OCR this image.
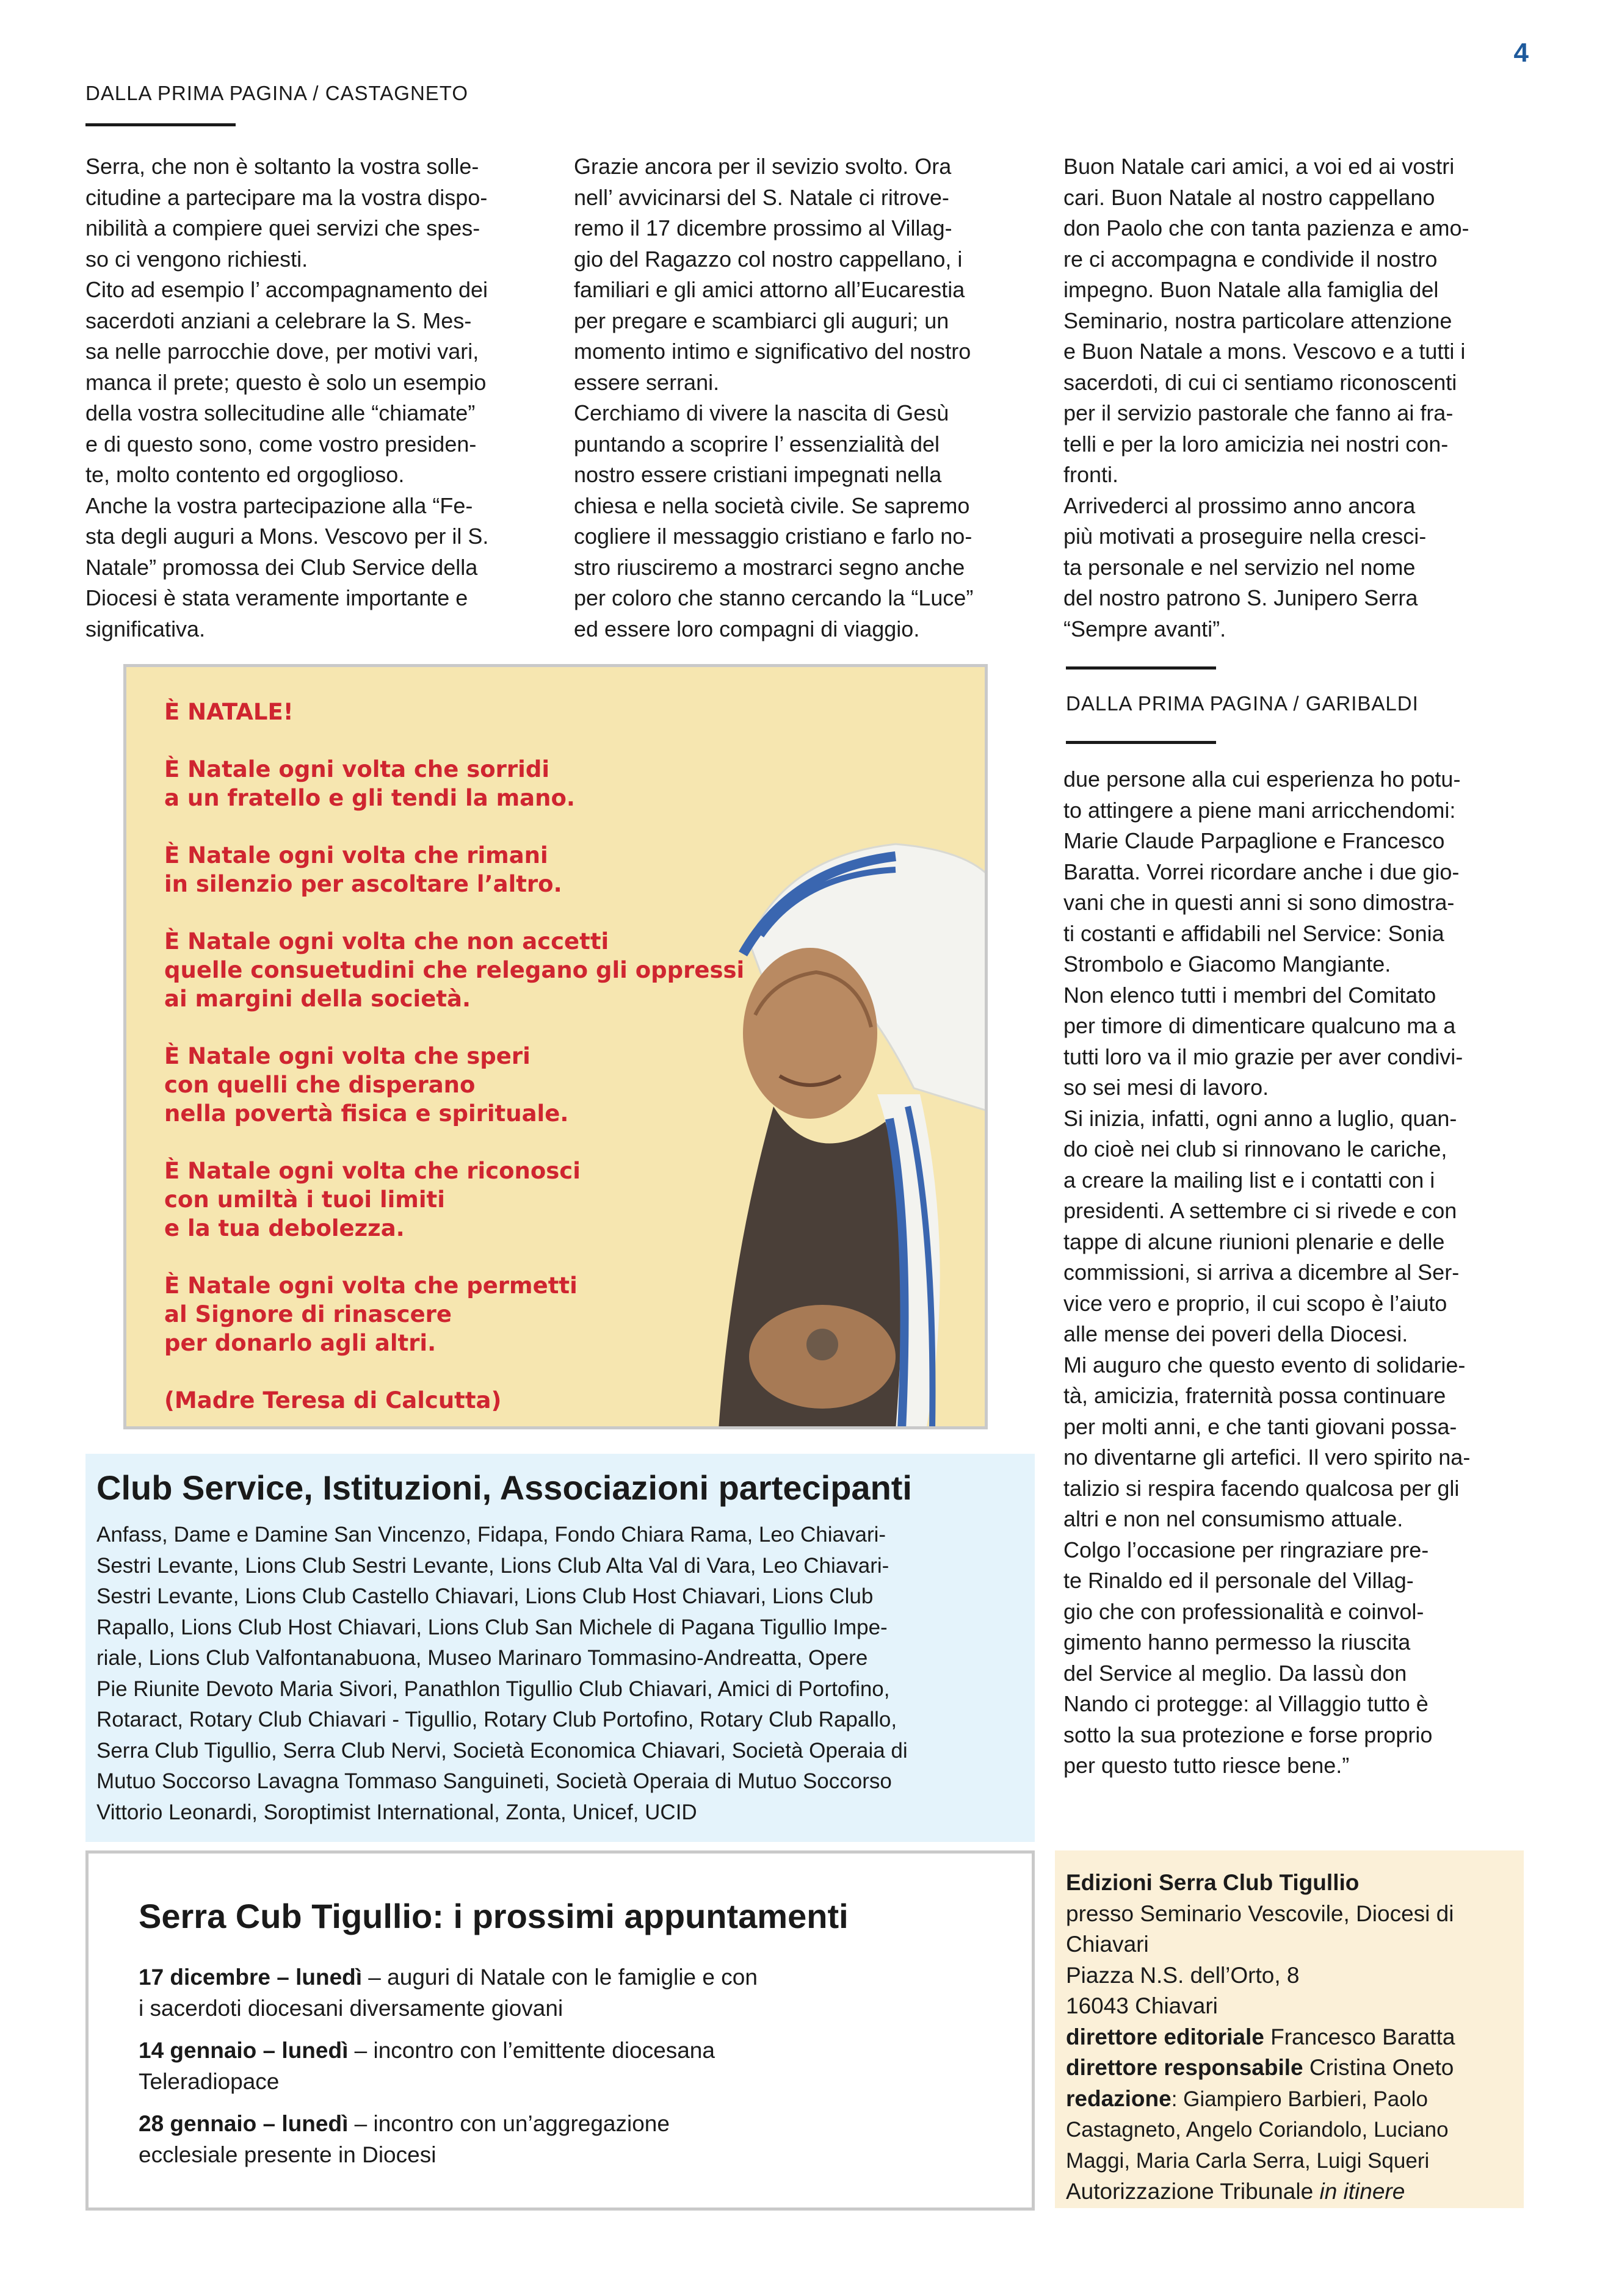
4
DALLA PRIMA PAGINA / CASTAGNETO
Serra, che non è soltanto la vostra solle-
citudine a partecipare ma la vostra dispo-
nibilità a compiere quei servizi che spes-
so ci vengono richiesti.
Cito ad esempio l’ accompagnamento dei
sacerdoti anziani a celebrare la S. Mes-
sa nelle parrocchie dove, per motivi vari,
manca il prete; questo è solo un esempio
della vostra sollecitudine alle “chiamate”
e di questo sono, come vostro presiden-
te, molto contento ed orgoglioso.
Anche la vostra partecipazione alla “Fe-
sta degli auguri a Mons. Vescovo per il S.
Natale” promossa dei Club Service della
Diocesi è stata veramente importante e
significativa.
Grazie ancora per il sevizio svolto. Ora
nell’ avvicinarsi del S. Natale ci ritrove-
remo il 17 dicembre prossimo al Villag-
gio del Ragazzo col nostro cappellano, i
familiari e gli amici attorno all’Eucarestia
per pregare e scambiarci gli auguri; un
momento intimo e significativo del nostro
essere serrani.
Cerchiamo di vivere la nascita di Gesù
puntando a scoprire l’ essenzialità del
nostro essere cristiani impegnati nella
chiesa e nella società civile. Se sapremo
cogliere il messaggio cristiano e farlo no-
stro riusciremo a mostrarci segno anche
per coloro che stanno cercando la “Luce”
ed essere loro compagni di viaggio.
Buon Natale cari amici, a voi ed ai vostri
cari. Buon Natale al nostro cappellano
don Paolo che con tanta pazienza e amo-
re ci accompagna e condivide il nostro
impegno. Buon Natale alla famiglia del
Seminario, nostra particolare attenzione
e Buon Natale a mons. Vescovo e a tutti i
sacerdoti, di cui ci sentiamo riconoscenti
per il servizio pastorale che fanno ai fra-
telli e per la loro amicizia nei nostri con-
fronti.
Arrivederci al prossimo anno ancora
più motivati a proseguire nella cresci-
ta personale e nel servizio nel nome
del nostro patrono S. Junipero Serra
“Sempre avanti”.
DALLA PRIMA PAGINA / GARIBALDI
due persone alla cui esperienza ho potu-
to attingere a piene mani arricchendomi:
Marie Claude Parpaglione e Francesco
Baratta. Vorrei ricordare anche i due gio-
vani che in questi anni si sono dimostra-
ti costanti e affidabili nel Service: Sonia
Strombolo e Giacomo Mangiante.
Non elenco tutti i membri del Comitato
per timore di dimenticare qualcuno ma a
tutti loro va il mio grazie per aver condivi-
so sei mesi di lavoro.
Si inizia, infatti, ogni anno a luglio, quan-
do cioè nei club si rinnovano le cariche,
a creare la mailing list e i contatti con i
presidenti. A settembre ci si rivede e con
tappe di alcune riunioni plenarie e delle
commissioni, si arriva a dicembre al Ser-
vice vero e proprio, il cui scopo è l’aiuto
alle mense dei poveri della Diocesi.
Mi auguro che questo evento di solidarie-
tà, amicizia, fraternità possa continuare
per molti anni, e che tanti giovani possa-
no diventarne gli artefici. Il vero spirito na-
talizio si respira facendo qualcosa per gli
altri e non nel consumismo attuale.
Colgo l’occasione per ringraziare pre-
te Rinaldo ed il personale del Villag-
gio che con professionalità e coinvol-
gimento hanno permesso la riuscita
del Service al meglio. Da lassù don
Nando ci protegge: al Villaggio tutto è
sotto la sua protezione e forse proprio
per questo tutto riesce bene.”

È NATALE!

È Natale ogni volta che sorridi
a un fratello e gli tendi la mano.

È Natale ogni volta che rimani
in silenzio per ascoltare l’altro.

È Natale ogni volta che non accetti
quelle consuetudini che relegano gli oppressi
ai margini della società.

È Natale ogni volta che speri
con quelli che disperano
nella povertà fisica e spirituale.

È Natale ogni volta che riconosci
con umiltà i tuoi limiti
e la tua debolezza.

È Natale ogni volta che permetti
al Signore di rinascere
per donarlo agli altri.

(Madre Teresa di Calcutta)

Club Service, Istituzioni, Associazioni partecipanti
Anfass, Dame e Damine San Vincenzo, Fidapa, Fondo Chiara Rama, Leo Chiavari-
Sestri Levante, Lions Club Sestri Levante, Lions Club Alta Val di Vara, Leo Chiavari-
Sestri Levante, Lions Club Castello Chiavari, Lions Club Host Chiavari, Lions Club
Rapallo, Lions Club Host Chiavari, Lions Club San Michele di Pagana Tigullio Impe-
riale, Lions Club Valfontanabuona, Museo Marinaro Tommasino-Andreatta, Opere
Pie Riunite Devoto Maria Sivori, Panathlon Tigullio Club Chiavari, Amici di Portofino,
Rotaract, Rotary Club Chiavari - Tigullio, Rotary Club Portofino, Rotary Club Rapallo,
Serra Club Tigullio, Serra Club Nervi, Società Economica Chiavari, Società Operaia di
Mutuo Soccorso Lavagna Tommaso Sanguineti, Società Operaia di Mutuo Soccorso
Vittorio Leonardi, Soroptimist International, Zonta, Unicef, UCID
Serra Cub Tigullio: i prossimi appuntamenti
17 dicembre – lunedì – auguri di Natale con le famiglie e con
i sacerdoti diocesani diversamente giovani
14 gennaio – lunedì – incontro con l’emittente diocesana
Teleradiopace
28 gennaio – lunedì – incontro con un’aggregazione
ecclesiale presente in Diocesi
Edizioni Serra Club Tigullio
presso Seminario Vescovile, Diocesi di
Chiavari
Piazza N.S. dell’Orto, 8
16043 Chiavari
direttore editoriale Francesco Baratta
direttore responsabile Cristina Oneto
redazione: Giampiero Barbieri, Paolo
Castagneto, Angelo Coriandolo, Luciano
Maggi, Maria Carla Serra, Luigi Squeri
Autorizzazione Tribunale in itinere
